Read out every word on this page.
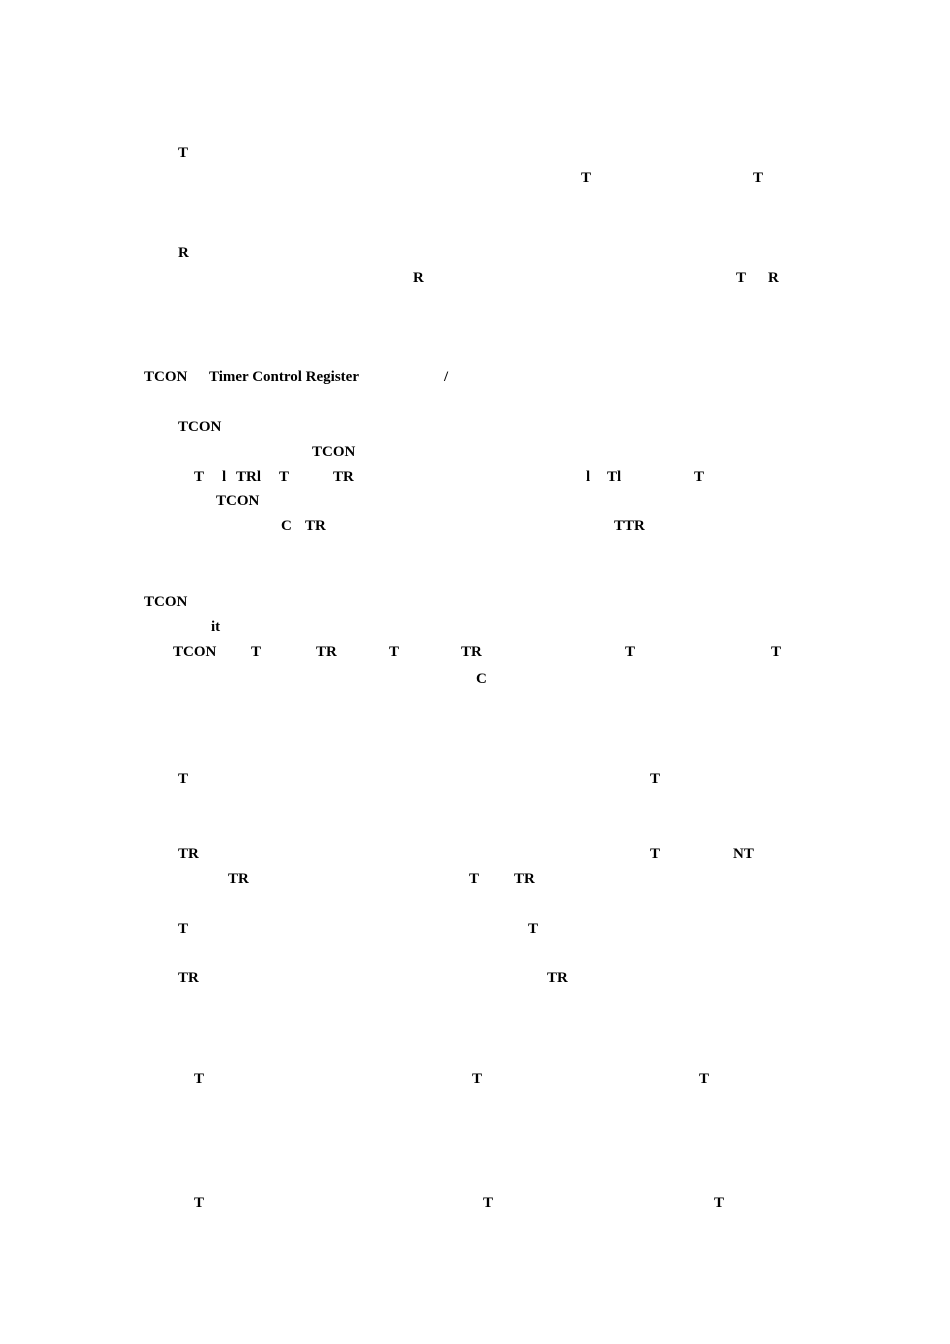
T
T	T
R
R	T R
TCON Timer Control Register	/
TCON
TCON
T l TRl T	TR	l Tl	T
TCON
C TR	TTR
TCON
it
TCON T	TR	T	TR	T	T
C
T	T
TR	T	NT
TR	T TR
T	T
TR	TR
T	T	T
T	T	T
